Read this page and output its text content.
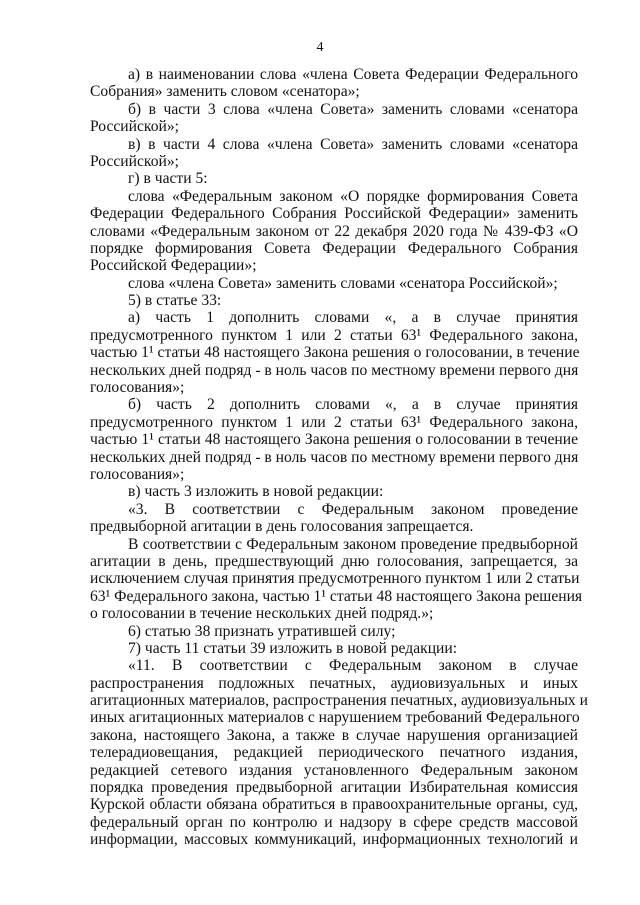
4
а) в наименовании слова «члена Совета Федерации Федерального
Собрания» заменить словом «сенатора»;
б) в части 3 слова «члена Совета» заменить словами «сенатора
Российской»;
в) в части 4 слова «члена Совета» заменить словами «сенатора
Российской»;
г) в части 5:
слова «Федеральным законом «О порядке формирования Совета
Федерации Федерального Собрания Российской Федерации» заменить
словами «Федеральным законом от 22 декабря 2020 года № 439-ФЗ «О
порядке формирования Совета Федерации Федерального Собрания
Российской Федерации»;
слова «члена Совета» заменить словами «сенатора Российской»;
5) в статье 33:
а) часть 1 дополнить словами «, а в случае принятия
предусмотренного пунктом 1 или 2 статьи 63¹ Федерального закона,
частью 1¹ статьи 48 настоящего Закона решения о голосовании, в течение
нескольких дней подряд - в ноль часов по местному времени первого дня
голосования»;
б) часть 2 дополнить словами «, а в случае принятия
предусмотренного пунктом 1 или 2 статьи 63¹ Федерального закона,
частью 1¹ статьи 48 настоящего Закона решения о голосовании в течение
нескольких дней подряд - в ноль часов по местному времени первого дня
голосования»;
в) часть 3 изложить в новой редакции:
«3. В соответствии с Федеральным законом проведение
предвыборной агитации в день голосования запрещается.
В соответствии с Федеральным законом проведение предвыборной
агитации в день, предшествующий дню голосования, запрещается, за
исключением случая принятия предусмотренного пунктом 1 или 2 статьи
63¹ Федерального закона, частью 1¹ статьи 48 настоящего Закона решения
о голосовании в течение нескольких дней подряд.»;
6) статью 38 признать утратившей силу;
7) часть 11 статьи 39 изложить в новой редакции:
«11. В соответствии с Федеральным законом в случае
распространения подложных печатных, аудиовизуальных и иных
агитационных материалов, распространения печатных, аудиовизуальных и
иных агитационных материалов с нарушением требований Федерального
закона, настоящего Закона, а также в случае нарушения организацией
телерадиовещания, редакцией периодического печатного издания,
редакцией сетевого издания установленного Федеральным законом
порядка проведения предвыборной агитации Избирательная комиссия
Курской области обязана обратиться в правоохранительные органы, суд,
федеральный орган по контролю и надзору в сфере средств массовой
информации, массовых коммуникаций, информационных технологий и
